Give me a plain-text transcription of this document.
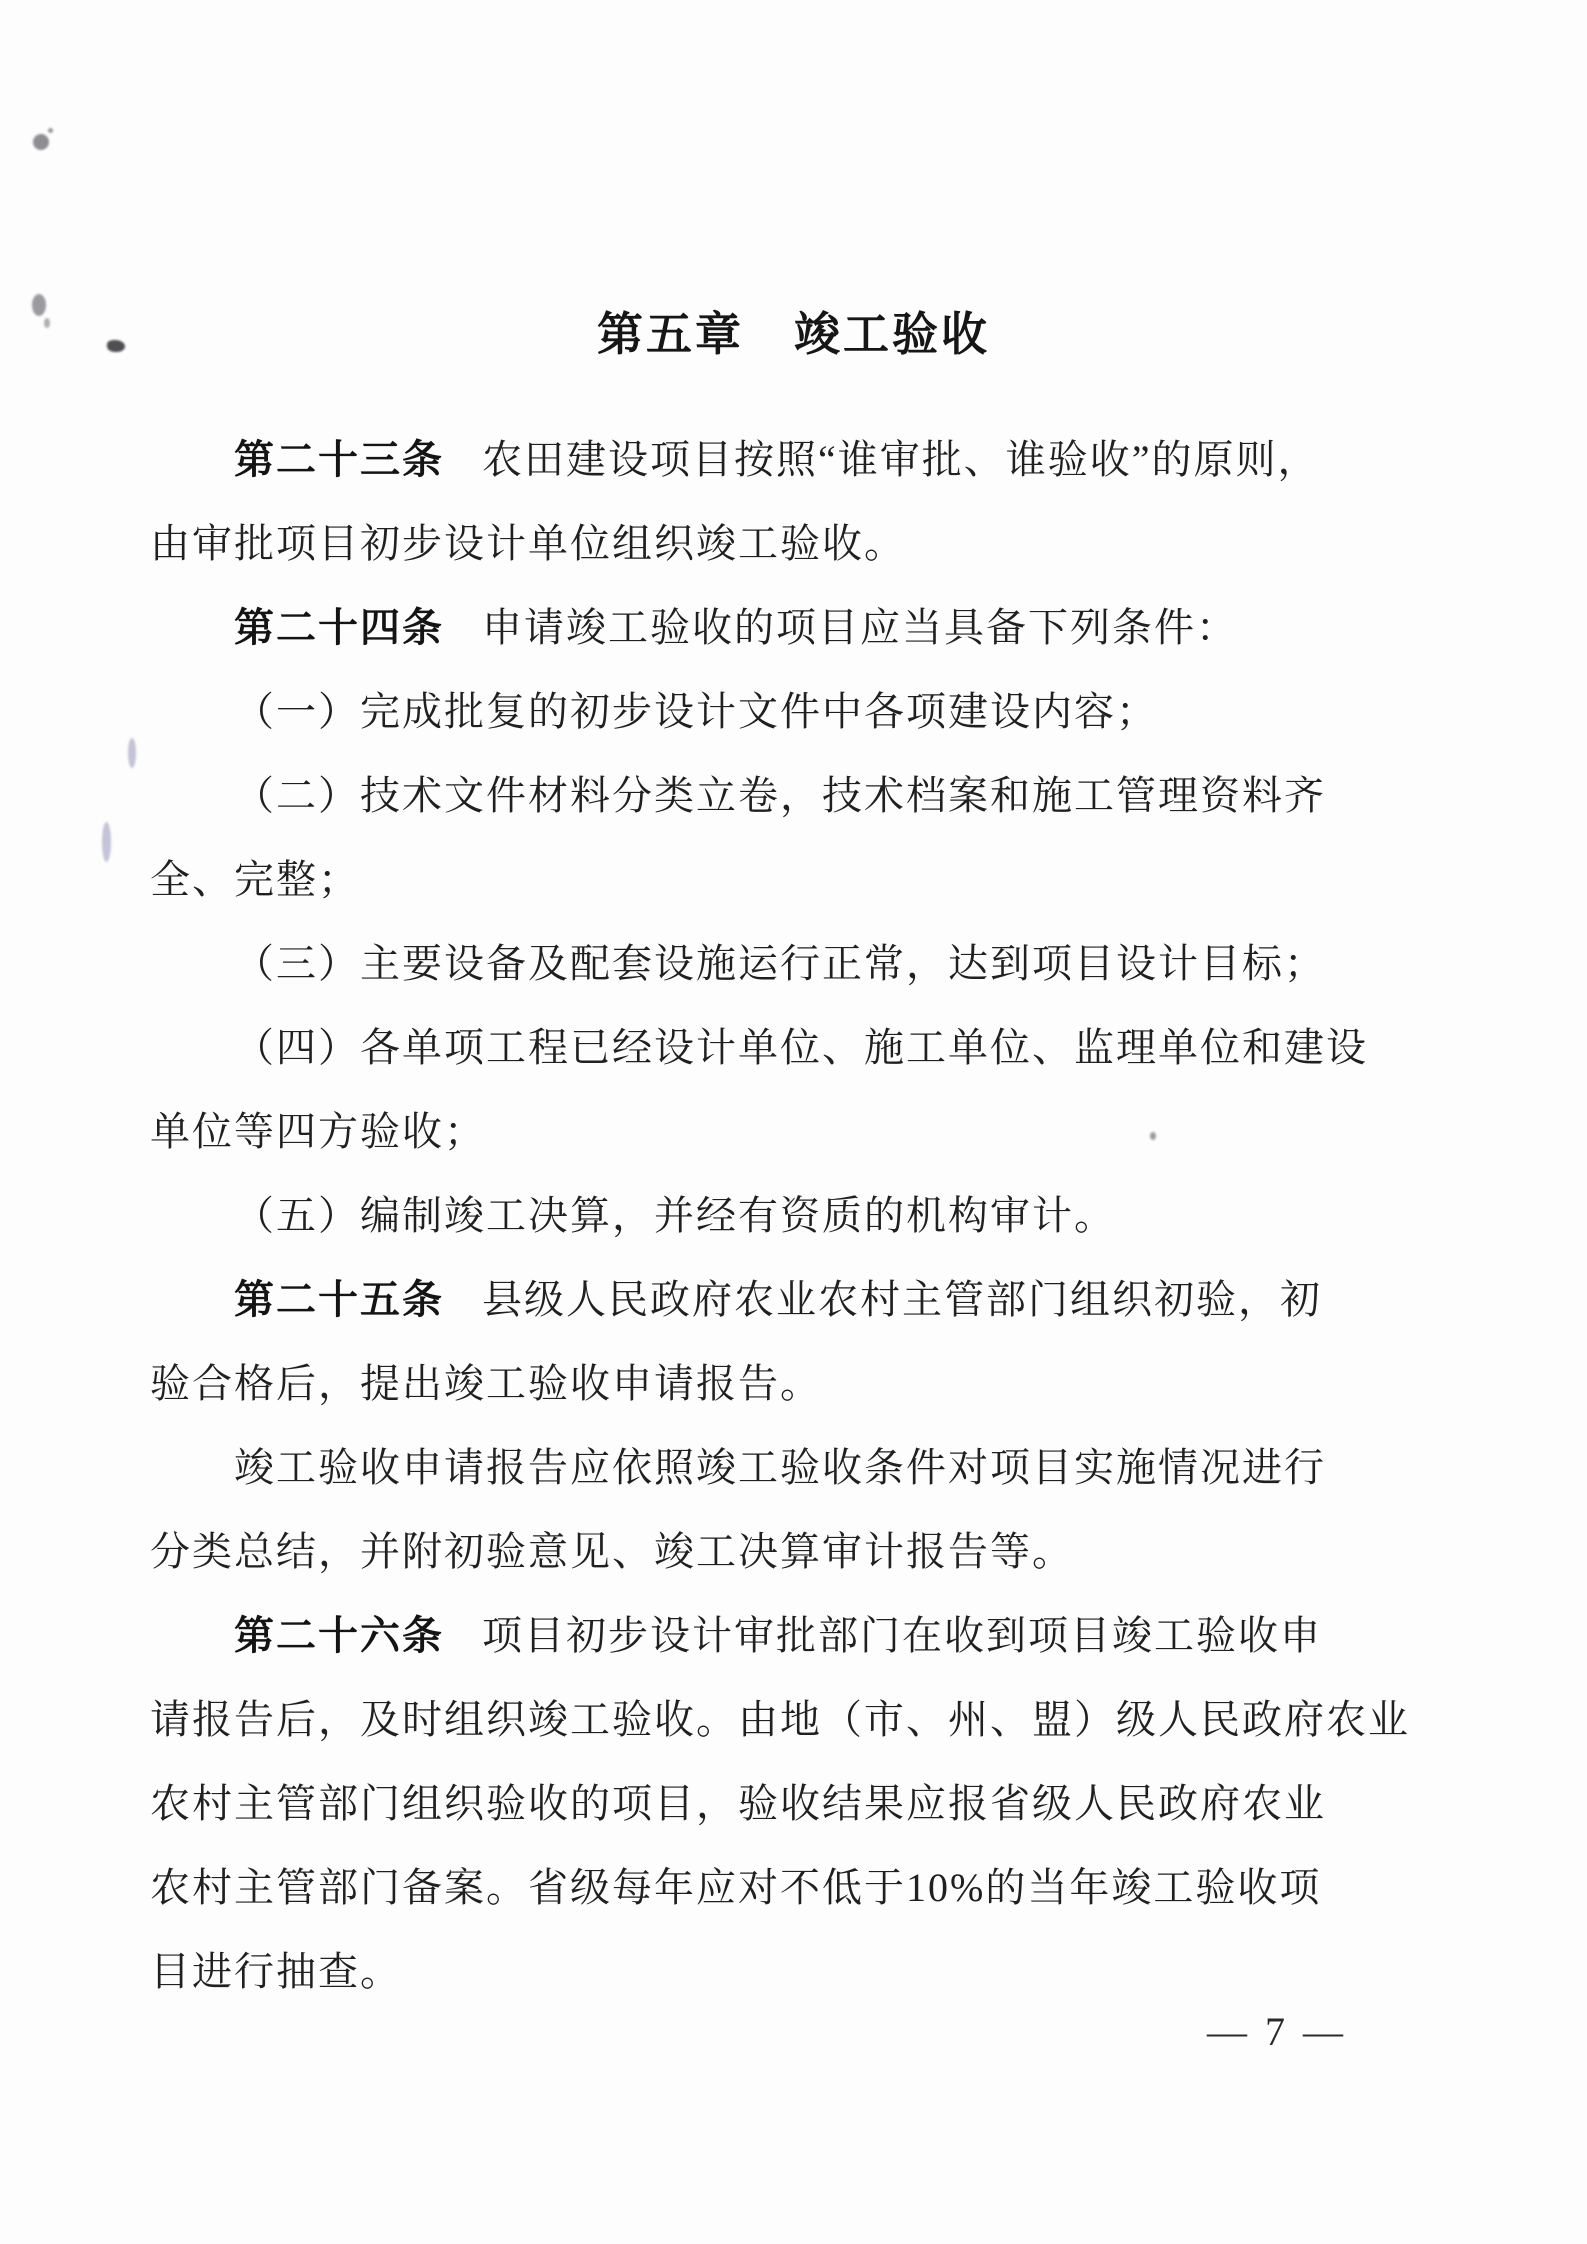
第五章 竣工验收
第二十三条 农田建设项目按照“谁审批、谁验收”的原则，
由审批项目初步设计单位组织竣工验收。
第二十四条 申请竣工验收的项目应当具备下列条件：
（一）完成批复的初步设计文件中各项建设内容；
（二）技术文件材料分类立卷，技术档案和施工管理资料齐
全、完整；
（三）主要设备及配套设施运行正常，达到项目设计目标；
（四）各单项工程已经设计单位、施工单位、监理单位和建设
单位等四方验收；
（五）编制竣工决算，并经有资质的机构审计。
第二十五条 县级人民政府农业农村主管部门组织初验，初
验合格后，提出竣工验收申请报告。
竣工验收申请报告应依照竣工验收条件对项目实施情况进行
分类总结，并附初验意见、竣工决算审计报告等。
第二十六条 项目初步设计审批部门在收到项目竣工验收申
请报告后，及时组织竣工验收。由地（市、州、盟）级人民政府农业
农村主管部门组织验收的项目，验收结果应报省级人民政府农业
农村主管部门备案。省级每年应对不低于10%的当年竣工验收项
目进行抽查。
— 7 —
